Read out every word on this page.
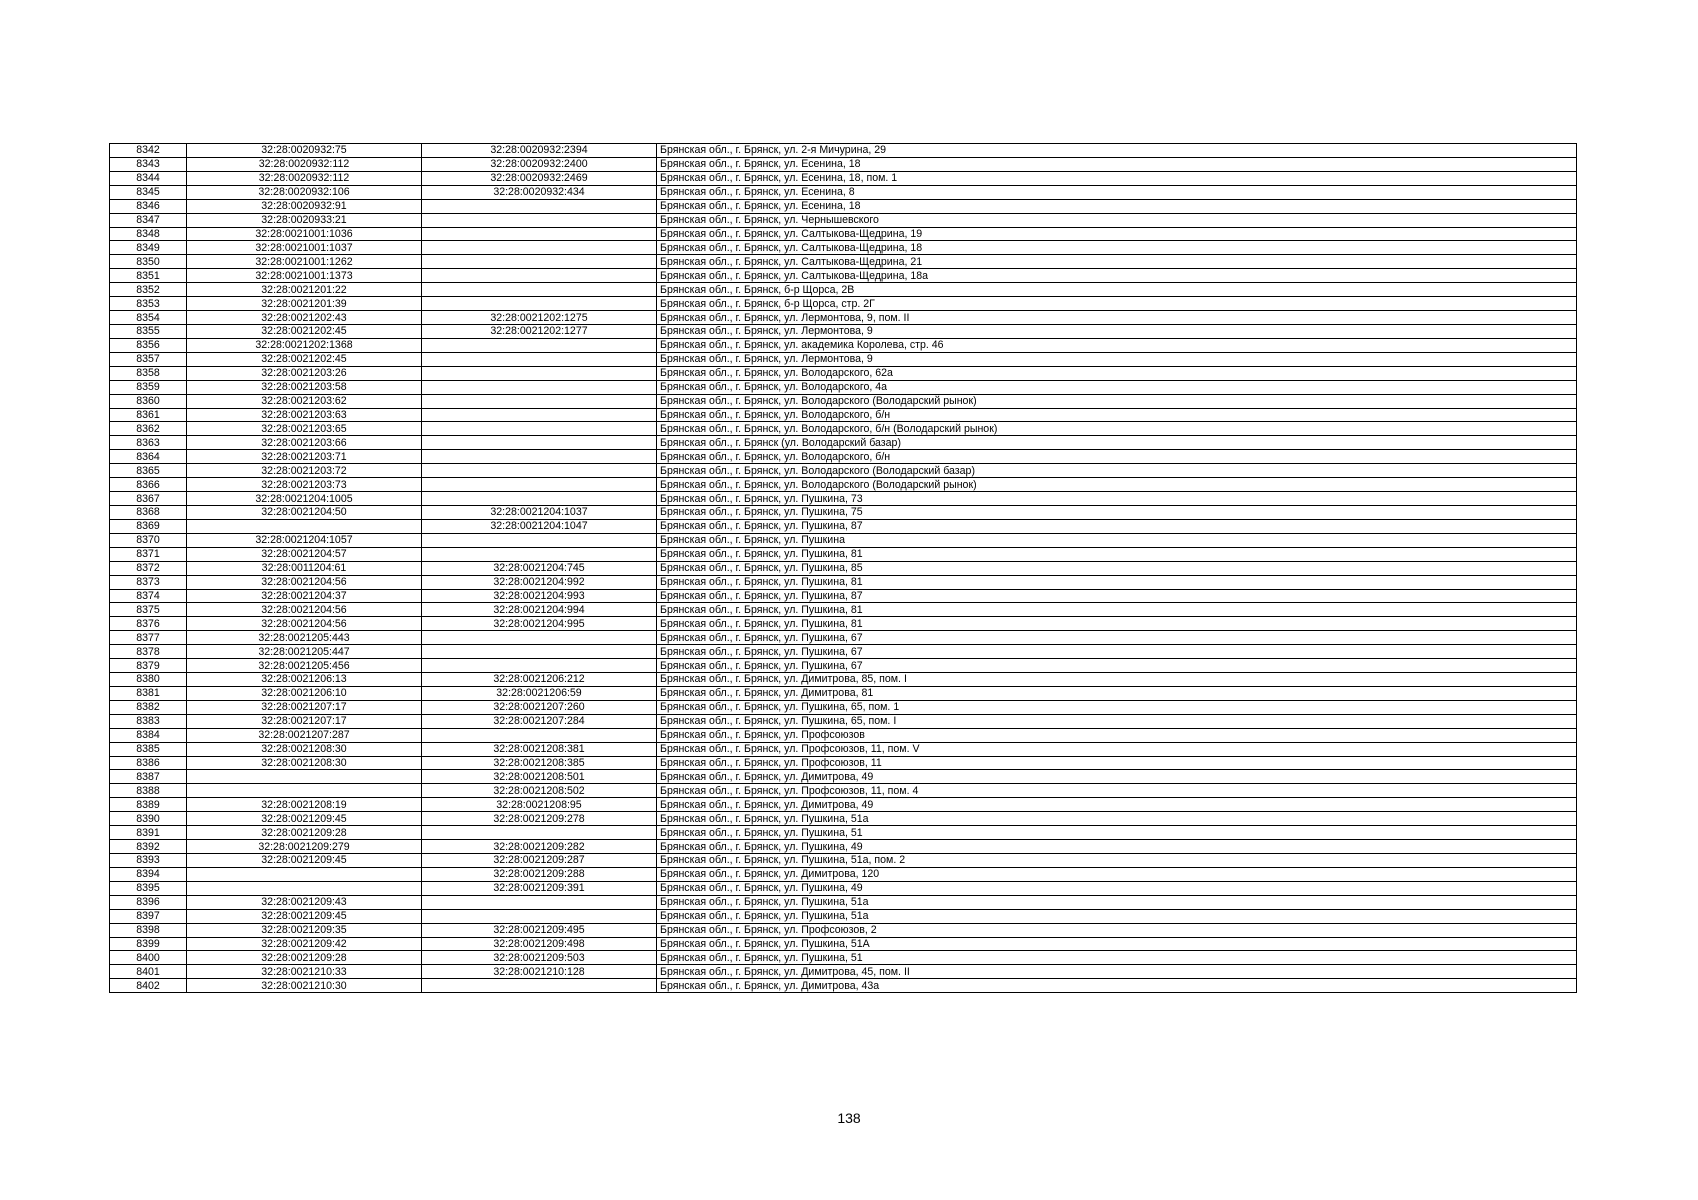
8342	32:28:0020932:75	32:28:0020932:2394	Брянская обл., г. Брянск, ул. 2-я Мичурина, 29
8343	32:28:0020932:112	32:28:0020932:2400	Брянская обл., г. Брянск, ул. Есенина, 18
8344	32:28:0020932:112	32:28:0020932:2469	Брянская обл., г. Брянск, ул. Есенина, 18, пом. 1
8345	32:28:0020932:106	32:28:0020932:434	Брянская обл., г. Брянск, ул. Есенина, 8
8346	32:28:0020932:91		Брянская обл., г. Брянск, ул. Есенина, 18
8347	32:28:0020933:21		Брянская обл., г. Брянск, ул. Чернышевского
8348	32:28:0021001:1036		Брянская обл., г. Брянск, ул. Салтыкова-Щедрина, 19
8349	32:28:0021001:1037		Брянская обл., г. Брянск, ул. Салтыкова-Щедрина, 18
8350	32:28:0021001:1262		Брянская обл., г. Брянск, ул. Салтыкова-Щедрина, 21
8351	32:28:0021001:1373		Брянская обл., г. Брянск, ул. Салтыкова-Щедрина, 18а
8352	32:28:0021201:22		Брянская обл., г. Брянск, б-р Щорса, 2В
8353	32:28:0021201:39		Брянская обл., г. Брянск, б-р Щорса, стр. 2Г
8354	32:28:0021202:43	32:28:0021202:1275	Брянская обл., г. Брянск, ул. Лермонтова, 9, пом. II
8355	32:28:0021202:45	32:28:0021202:1277	Брянская обл., г. Брянск, ул. Лермонтова, 9
8356	32:28:0021202:1368		Брянская обл., г. Брянск, ул. академика Королева, стр. 46
8357	32:28:0021202:45		Брянская обл., г. Брянск, ул. Лермонтова, 9
8358	32:28:0021203:26		Брянская обл., г. Брянск, ул. Володарского, 62а
8359	32:28:0021203:58		Брянская обл., г. Брянск, ул. Володарского, 4а
8360	32:28:0021203:62		Брянская обл., г. Брянск, ул. Володарского (Володарский рынок)
8361	32:28:0021203:63		Брянская обл., г. Брянск, ул. Володарского, б/н
8362	32:28:0021203:65		Брянская обл., г. Брянск, ул. Володарского, б/н (Володарский рынок)
8363	32:28:0021203:66		Брянская обл., г. Брянск (ул. Володарский базар)
8364	32:28:0021203:71		Брянская обл., г. Брянск, ул. Володарского, б/н
8365	32:28:0021203:72		Брянская обл., г. Брянск, ул. Володарского (Володарский базар)
8366	32:28:0021203:73		Брянская обл., г. Брянск, ул. Володарского (Володарский рынок)
8367	32:28:0021204:1005		Брянская обл., г. Брянск, ул. Пушкина, 73
8368	32:28:0021204:50	32:28:0021204:1037	Брянская обл., г. Брянск, ул. Пушкина, 75
8369		32:28:0021204:1047	Брянская обл., г. Брянск, ул. Пушкина, 87
8370	32:28:0021204:1057		Брянская обл., г. Брянск, ул. Пушкина
8371	32:28:0021204:57		Брянская обл., г. Брянск, ул. Пушкина, 81
8372	32:28:0011204:61	32:28:0021204:745	Брянская обл., г. Брянск, ул. Пушкина, 85
8373	32:28:0021204:56	32:28:0021204:992	Брянская обл., г. Брянск, ул. Пушкина, 81
8374	32:28:0021204:37	32:28:0021204:993	Брянская обл., г. Брянск, ул. Пушкина, 87
8375	32:28:0021204:56	32:28:0021204:994	Брянская обл., г. Брянск, ул. Пушкина, 81
8376	32:28:0021204:56	32:28:0021204:995	Брянская обл., г. Брянск, ул. Пушкина, 81
8377	32:28:0021205:443		Брянская обл., г. Брянск, ул. Пушкина, 67
8378	32:28:0021205:447		Брянская обл., г. Брянск, ул. Пушкина, 67
8379	32:28:0021205:456		Брянская обл., г. Брянск, ул. Пушкина, 67
8380	32:28:0021206:13	32:28:0021206:212	Брянская обл., г. Брянск, ул. Димитрова, 85, пом. I
8381	32:28:0021206:10	32:28:0021206:59	Брянская обл., г. Брянск, ул. Димитрова, 81
8382	32:28:0021207:17	32:28:0021207:260	Брянская обл., г. Брянск, ул. Пушкина, 65, пом. 1
8383	32:28:0021207:17	32:28:0021207:284	Брянская обл., г. Брянск, ул. Пушкина, 65, пом. I
8384	32:28:0021207:287		Брянская обл., г. Брянск, ул. Профсоюзов
8385	32:28:0021208:30	32:28:0021208:381	Брянская обл., г. Брянск, ул. Профсоюзов, 11, пом. V
8386	32:28:0021208:30	32:28:0021208:385	Брянская обл., г. Брянск, ул. Профсоюзов, 11
8387		32:28:0021208:501	Брянская обл., г. Брянск, ул. Димитрова, 49
8388		32:28:0021208:502	Брянская обл., г. Брянск, ул. Профсоюзов, 11, пом. 4
8389	32:28:0021208:19	32:28:0021208:95	Брянская обл., г. Брянск, ул. Димитрова, 49
8390	32:28:0021209:45	32:28:0021209:278	Брянская обл., г. Брянск, ул. Пушкина, 51а
8391	32:28:0021209:28		Брянская обл., г. Брянск, ул. Пушкина, 51
8392	32:28:0021209:279	32:28:0021209:282	Брянская обл., г. Брянск, ул. Пушкина, 49
8393	32:28:0021209:45	32:28:0021209:287	Брянская обл., г. Брянск, ул. Пушкина, 51а, пом. 2
8394		32:28:0021209:288	Брянская обл., г. Брянск, ул. Димитрова, 120
8395		32:28:0021209:391	Брянская обл., г. Брянск, ул. Пушкина, 49
8396	32:28:0021209:43		Брянская обл., г. Брянск, ул. Пушкина, 51а
8397	32:28:0021209:45		Брянская обл., г. Брянск, ул. Пушкина, 51а
8398	32:28:0021209:35	32:28:0021209:495	Брянская обл., г. Брянск, ул. Профсоюзов, 2
8399	32:28:0021209:42	32:28:0021209:498	Брянская обл., г. Брянск, ул. Пушкина, 51А
8400	32:28:0021209:28	32:28:0021209:503	Брянская обл., г. Брянск, ул. Пушкина, 51
8401	32:28:0021210:33	32:28:0021210:128	Брянская обл., г. Брянск, ул. Димитрова, 45, пом. II
8402	32:28:0021210:30		Брянская обл., г. Брянск, ул. Димитрова, 43а
138
